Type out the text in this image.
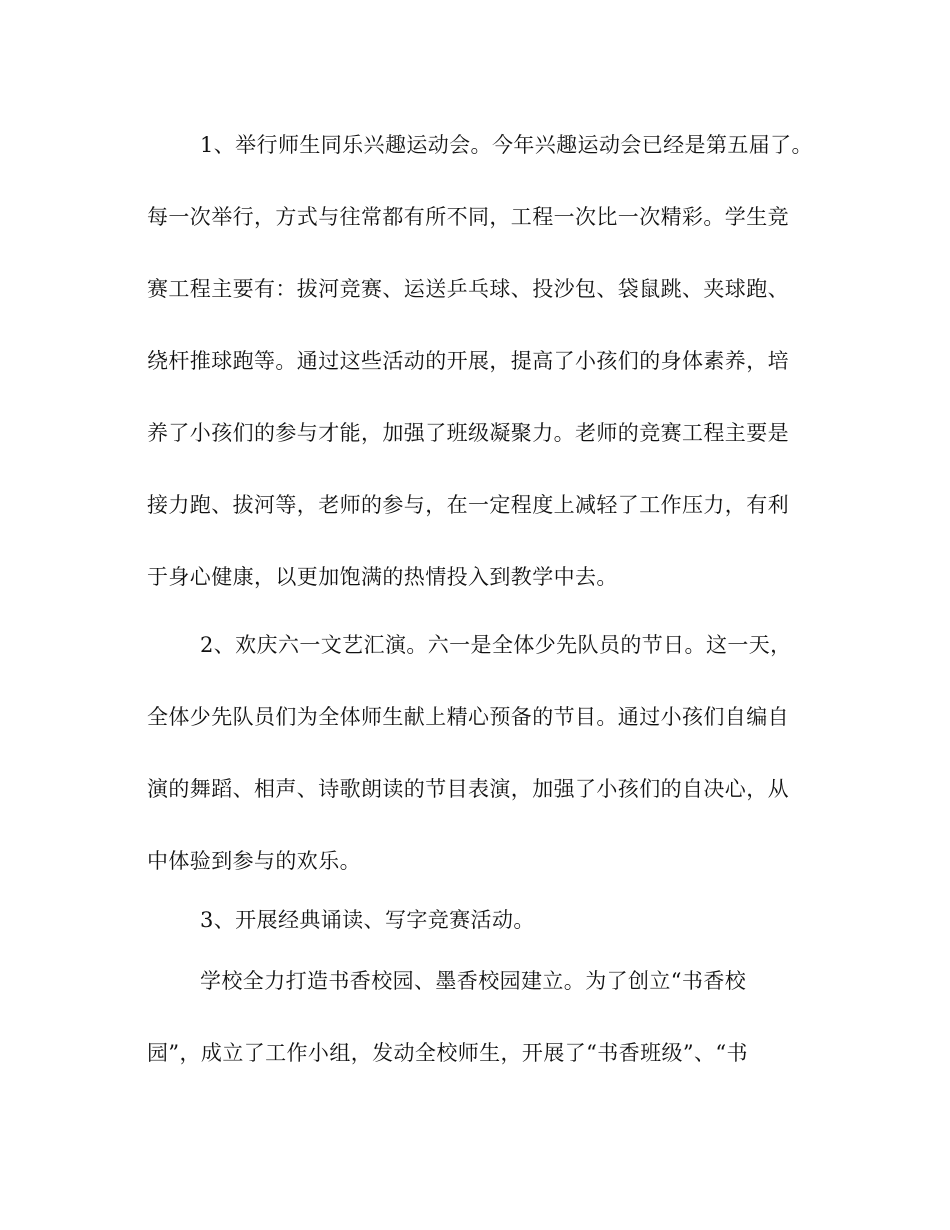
1、举行师生同乐兴趣运动会。今年兴趣运动会已经是第五届了。
每一次举行，方式与往常都有所不同，工程一次比一次精彩。学生竞
赛工程主要有：拔河竞赛、运送乒乓球、投沙包、袋鼠跳、夹球跑、
绕杆推球跑等。通过这些活动的开展，提高了小孩们的身体素养，培
养了小孩们的参与才能，加强了班级凝聚力。老师的竞赛工程主要是
接力跑、拔河等，老师的参与，在一定程度上减轻了工作压力，有利
于身心健康，以更加饱满的热情投入到教学中去。
2、欢庆六一文艺汇演。六一是全体少先队员的节日。这一天，
全体少先队员们为全体师生献上精心预备的节目。通过小孩们自编自
演的舞蹈、相声、诗歌朗读的节目表演，加强了小孩们的自决心，从
中体验到参与的欢乐。
3、开展经典诵读、写字竞赛活动。
学校全力打造书香校园、墨香校园建立。为了创立“书香校
园”，成立了工作小组，发动全校师生，开展了“书香班级”、“书
